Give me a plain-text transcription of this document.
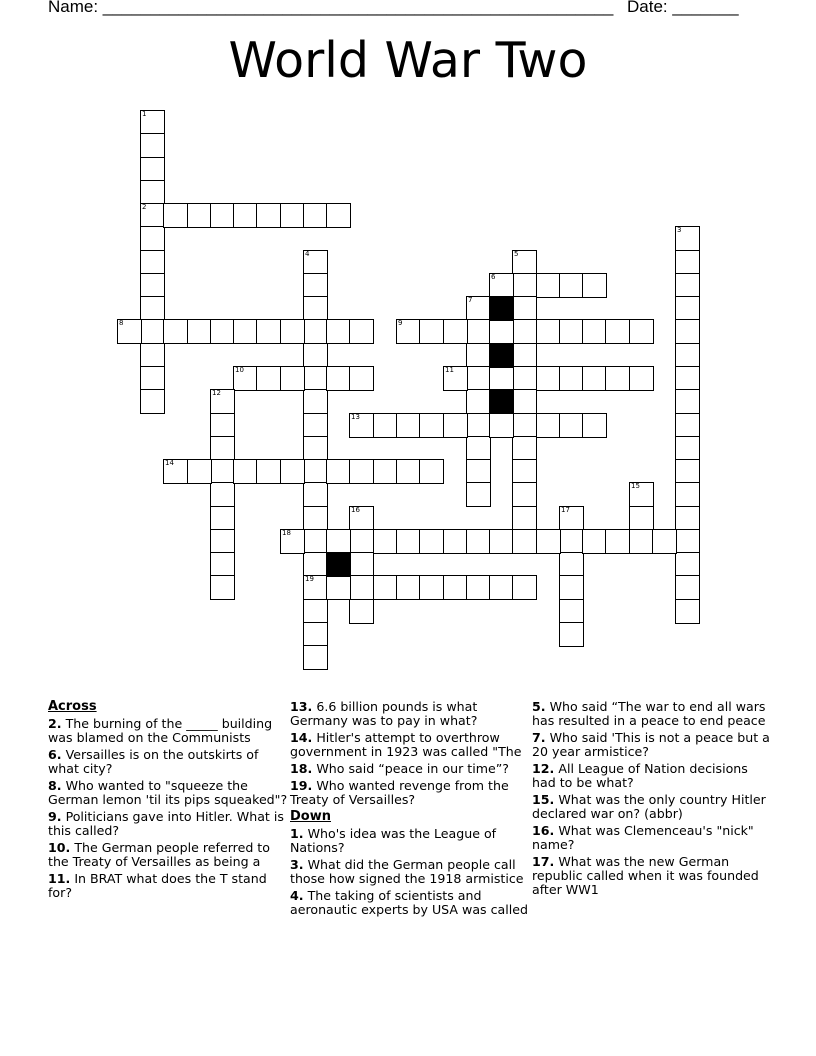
Name: ______________________________________________________ Date: _______
World War Two
1
2
3
4
19
5
6
7
8	9
10	11
12
13
14
15
16	17
18
Across
2. The burning of the _____ building was blamed on the Communists
6. Versailles is on the outskirts of what city?
8. Who wanted to "squeeze the German lemon 'til its pips squeaked"?
9. Politicians gave into Hitler. What is this called?
10. The German people referred to the Treaty of Versailles as being a
11. In BRAT what does the T stand for?
13. 6.6 billion pounds is what Germany was to pay in what?
14. Hitler's attempt to overthrow government in 1923 was called "The
18. Who said “peace in our time”?
19. Who wanted revenge from the Treaty of Versailles?
Down
1. Who's idea was the League of Nations?
3. What did the German people call those how signed the 1918 armistice
4. The taking of scientists and aeronautic experts by USA was called
5. Who said “The war to end all wars has resulted in a peace to end peace
7. Who said 'This is not a peace but a 20 year armistice?
12. All League of Nation decisions had to be what?
15. What was the only country Hitler declared war on? (abbr)
16. What was Clemenceau's "nick" name?
17. What was the new German republic called when it was founded after WW1
